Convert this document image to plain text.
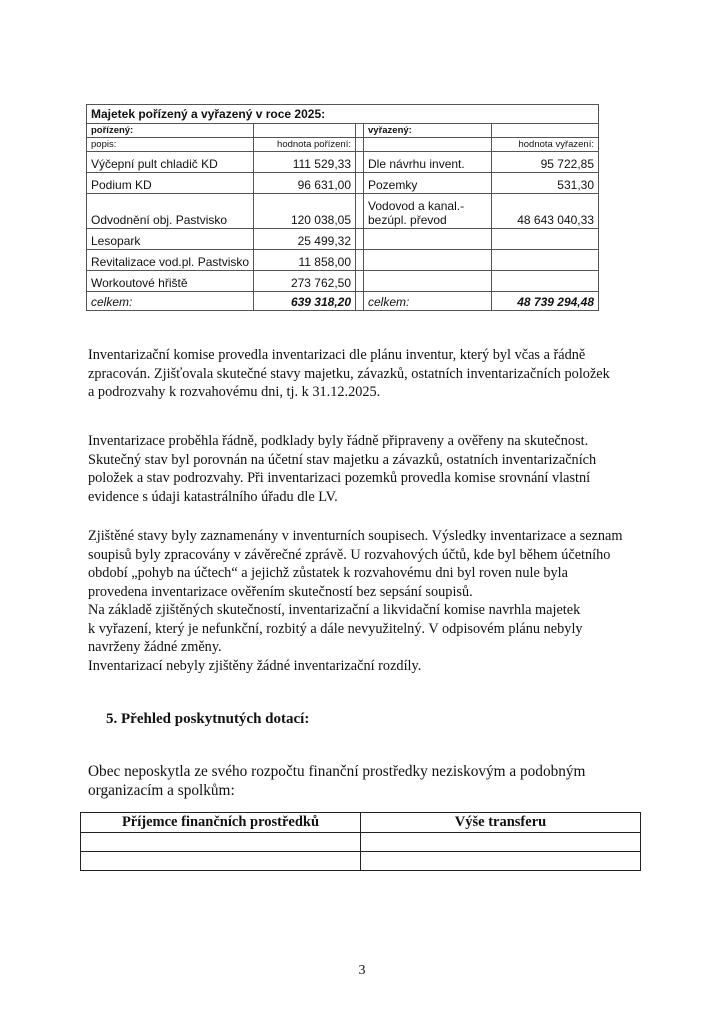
Majetek pořízený a vyřazený v roce 2025:				
pořízený:			vyřazený:	
popis:	hodnota pořízení:			hodnota vyřazení:
Výčepní pult chladič KD	111 529,33		Dle návrhu invent.	95 722,85
Podium KD	96 631,00		Pozemky	531,30
Odvodnění obj. Pastvisko	120 038,05		Vodovod a kanal.-bezúpl. převod	48 643 040,33
Lesopark	25 499,32			
Revitalizace vod.pl. Pastvisko	11 858,00			
Workoutové hřiště	273 762,50			
celkem:	639 318,20		celkem:	48 739 294,48

Inventarizační komise provedla inventarizaci dle plánu inventur, který byl včas a řádně
zpracován. Zjišťovala skutečné stavy majetku, závazků, ostatních inventarizačních položek
a podrozvahy k rozvahovému dni, tj. k 31.12.2025.

Inventarizace proběhla řádně, podklady byly řádně připraveny a ověřeny na skutečnost.
Skutečný stav byl porovnán na účetní stav majetku a závazků, ostatních inventarizačních
položek a stav podrozvahy. Při inventarizaci pozemků provedla komise srovnání vlastní
evidence s údaji katastrálního úřadu dle LV.

Zjištěné stavy byly zaznamenány v inventurních soupisech. Výsledky inventarizace a seznam
soupisů byly zpracovány v závěrečné zprávě. U rozvahových účtů, kde byl během účetního
období „pohyb na účtech“ a jejichž zůstatek k rozvahovému dni byl roven nule byla
provedena inventarizace ověřením skutečností bez sepsání soupisů.
Na základě zjištěných skutečností, inventarizační a likvidační komise navrhla majetek
k vyřazení, který je nefunkční, rozbitý a dále nevyužitelný. V odpisovém plánu nebyly
navrženy žádné změny.
Inventarizací nebyly zjištěny žádné inventarizační rozdíly.

5. Přehled poskytnutých dotací:

Obec neposkytla ze svého rozpočtu finanční prostředky neziskovým a podobným
organizacím a spolkům:

Příjemce finančních prostředků	Výše transferu

3
